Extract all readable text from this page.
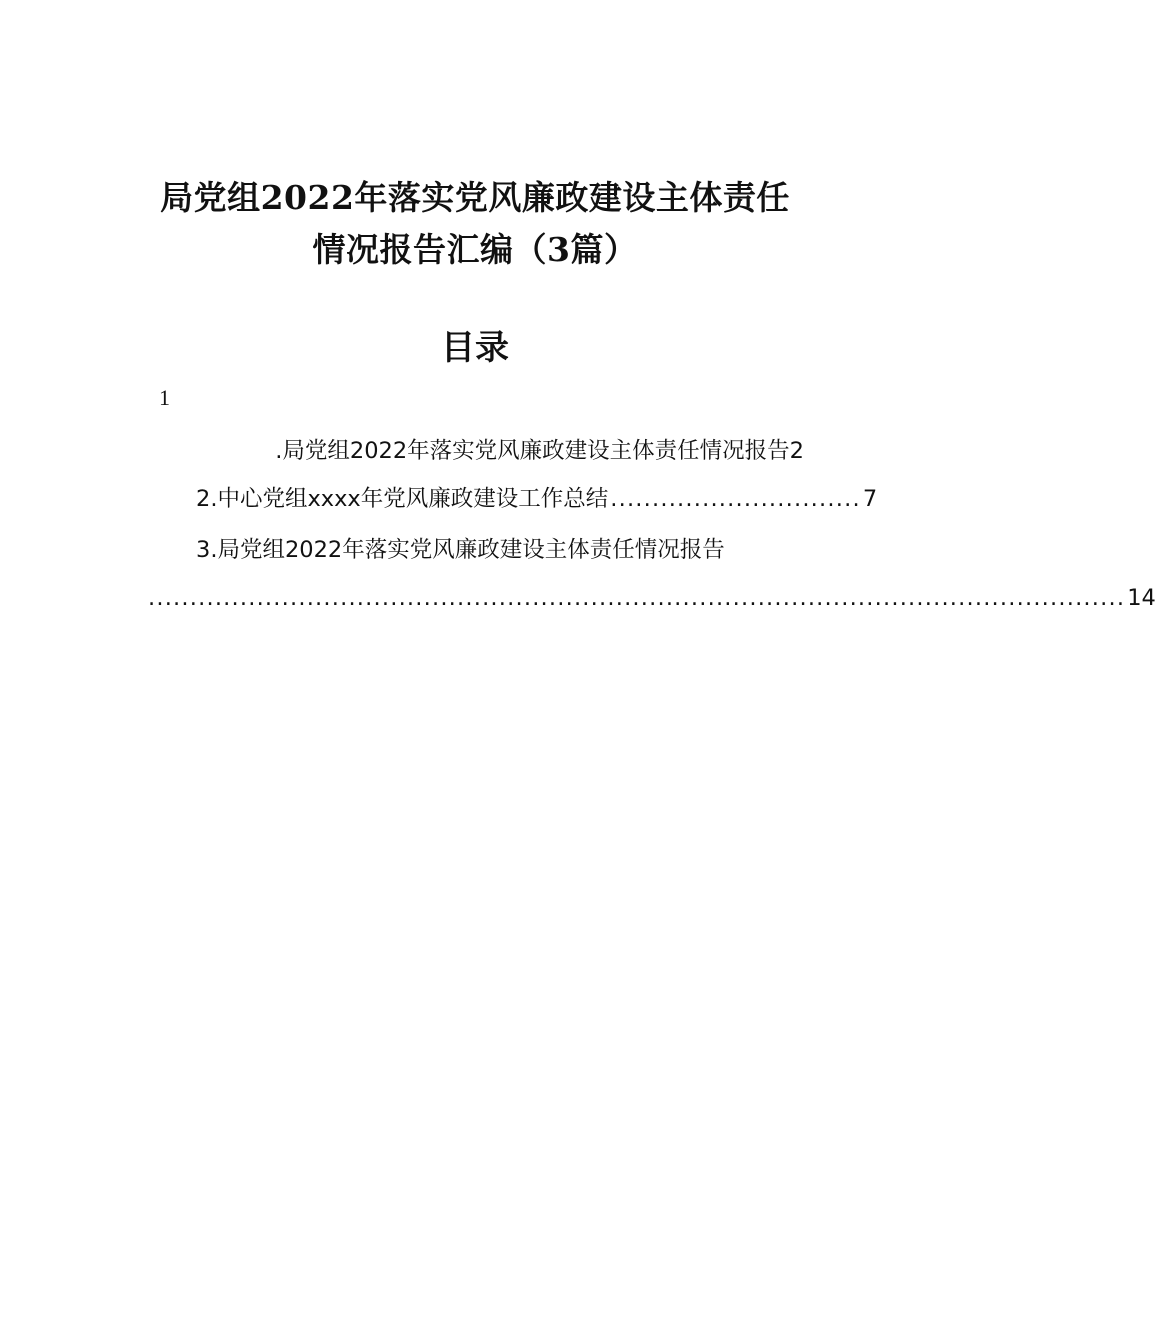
局党组2022年落实党风廉政建设主体责任
情况报告汇编（3篇）
目录
1
.局党组2022年落实党风廉政建设主体责任情况报告2
2.中心党组xxxx年党风廉政建设工作总结 .............................. 7
3.局党组2022年落实党风廉政建设主体责任情况报告
..................................................................................................................... 14
